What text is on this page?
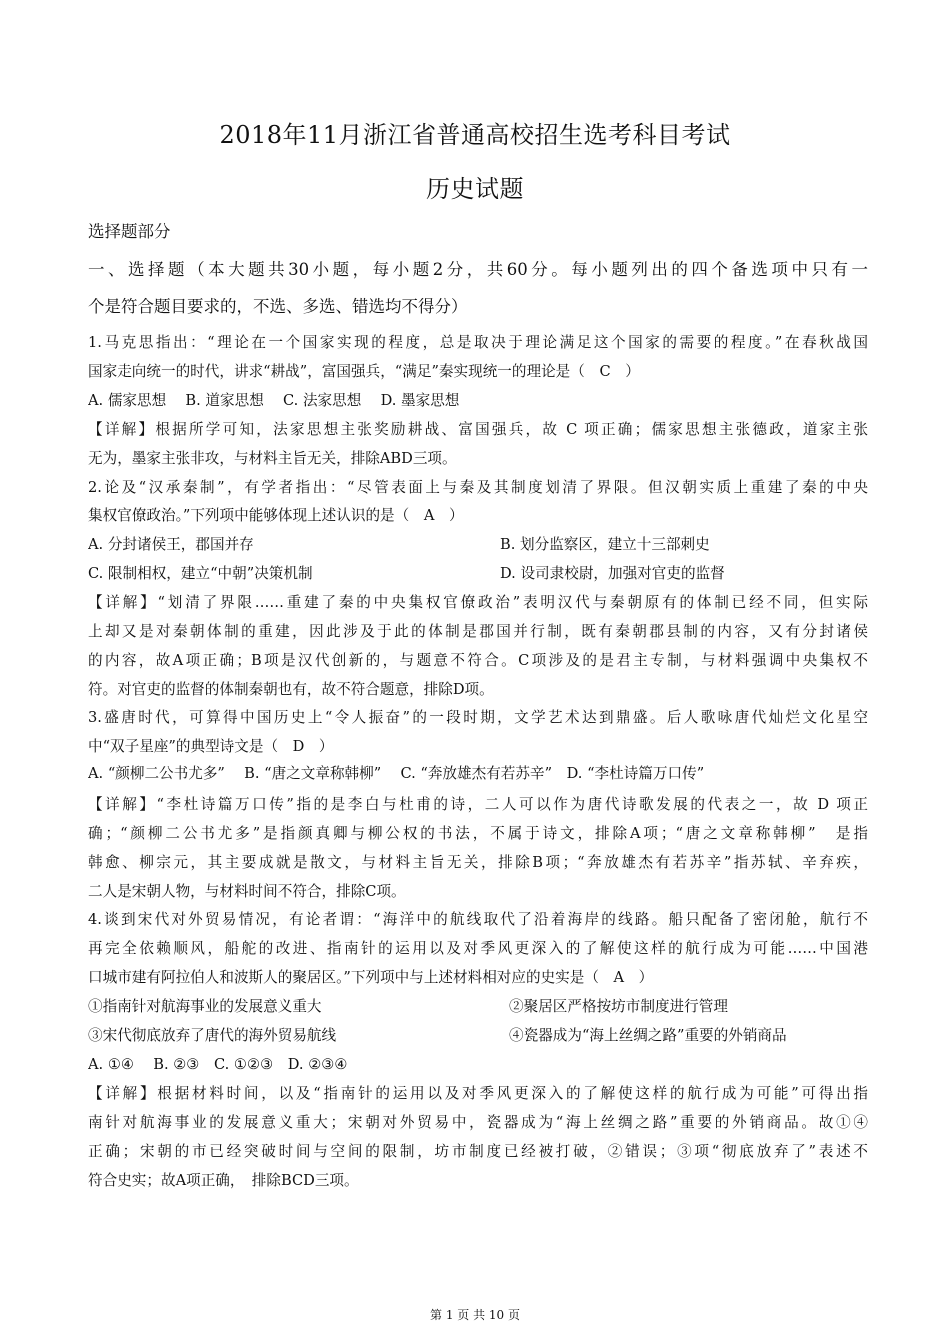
2018年11月浙江省普通高校招生选考科目考试
历史试题
选择题部分
一、选择题（本大题共30小题，每小题2分，共60分。每小题列出的四个备选项中只有一
个是符合题目要求的，不选、多选、错选均不得分）
1.马克思指出：“理论在一个国家实现的程度，总是取决于理论满足这个国家的需要的程度。”在春秋战国
国家走向统一的时代，讲求“耕战”，富国强兵，“满足”秦实现统一的理论是（　C　）
A. 儒家思想　 B. 道家思想　 C. 法家思想　 D. 墨家思想
【详解】根据所学可知，法家思想主张奖励耕战、富国强兵，故 C 项正确；儒家思想主张德政，道家主张
无为，墨家主张非攻，与材料主旨无关，排除ABD三项。
2.论及“汉承秦制”，有学者指出：“尽管表面上与秦及其制度划清了界限。但汉朝实质上重建了秦的中央
集权官僚政治。”下列项中能够体现上述认识的是（　A　）
A. 分封诸侯王，郡国并存	B. 划分监察区，建立十三部刺史
C. 限制相权，建立“中朝”决策机制	D. 设司隶校尉，加强对官吏的监督
【详解】“划清了界限……重建了秦的中央集权官僚政治”表明汉代与秦朝原有的体制已经不同，但实际
上却又是对秦朝体制的重建，因此涉及于此的体制是郡国并行制，既有秦朝郡县制的内容，又有分封诸侯
的内容，故A项正确；B项是汉代创新的，与题意不符合。C项涉及的是君主专制，与材料强调中央集权不
符。对官吏的监督的体制秦朝也有，故不符合题意，排除D项。
3.盛唐时代，可算得中国历史上“令人振奋”的一段时期，文学艺术达到鼎盛。后人歌咏唐代灿烂文化星空
中“双子星座”的典型诗文是（　D　）
A. “颜柳二公书尤多”　 B. “唐之文章称韩柳”　 C. “奔放雄杰有若苏辛”　D. “李杜诗篇万口传”
【详解】“李杜诗篇万口传”指的是李白与杜甫的诗，二人可以作为唐代诗歌发展的代表之一，故 D 项正
确；“颜柳二公书尤多”是指颜真卿与柳公权的书法，不属于诗文，排除A项；“唐之文章称韩柳”　是指
韩愈、柳宗元，其主要成就是散文，与材料主旨无关，排除B项；“奔放雄杰有若苏辛”指苏轼、辛弃疾，
二人是宋朝人物，与材料时间不符合，排除C项。
4.谈到宋代对外贸易情况，有论者谓：“海洋中的航线取代了沿着海岸的线路。船只配备了密闭舱，航行不
再完全依赖顺风，船舵的改进、指南针的运用以及对季风更深入的了解使这样的航行成为可能……中国港
口城市建有阿拉伯人和波斯人的聚居区。”下列项中与上述材料相对应的史实是（　A　）
①指南针对航海事业的发展意义重大	②聚居区严格按坊市制度进行管理
③宋代彻底放弃了唐代的海外贸易航线	④瓷器成为“海上丝绸之路”重要的外销商品
A. ①④　 B. ②③　C. ①②③　D. ②③④
【详解】根据材料时间，以及“指南针的运用以及对季风更深入的了解使这样的航行成为可能”可得出指
南针对航海事业的发展意义重大；宋朝对外贸易中，瓷器成为“海上丝绸之路”重要的外销商品。故①④
正确；宋朝的市已经突破时间与空间的限制，坊市制度已经被打破，②错误；③项“彻底放弃了”表述不
符合史实；故A项正确，　排除BCD三项。
第 1 页 共 10 页
